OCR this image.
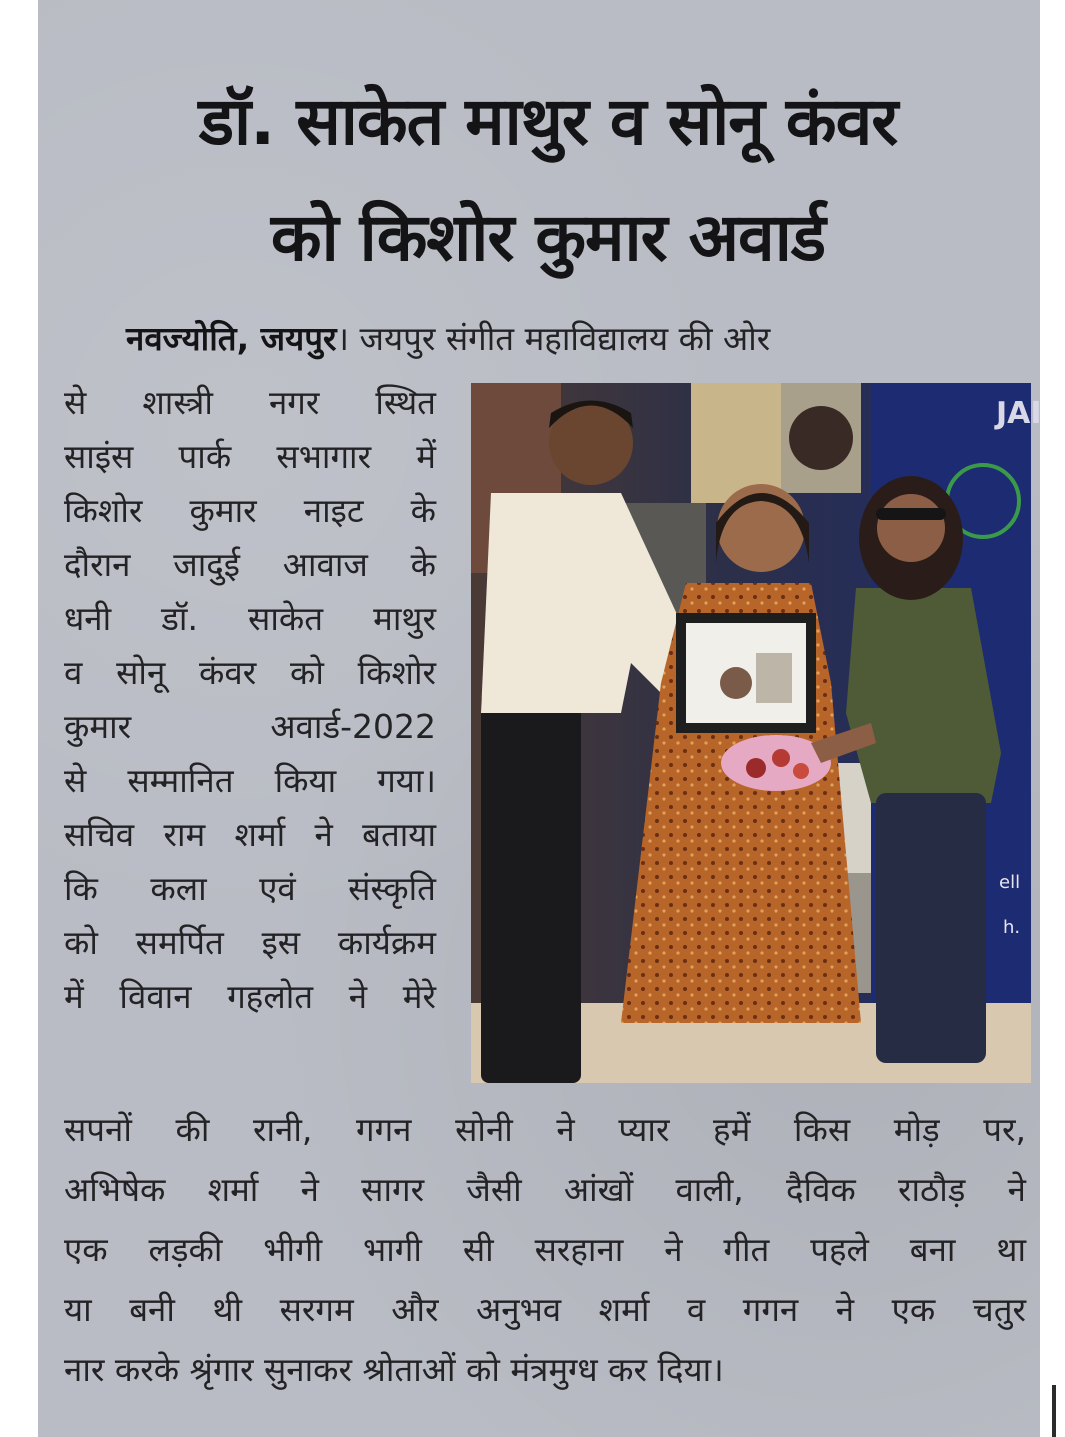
डॉ. साकेत माथुर व सोनू कंवर
को किशोर कुमार अवार्ड
नवज्योति, जयपुर। जयपुर संगीत महाविद्यालय की ओर
से शास्त्री नगर स्थित
साइंस पार्क सभागार में
किशोर कुमार नाइट के
दौरान जादुई आवाज के
धनी डॉ. साकेत माथुर
व सोनू कंवर को किशोर
कुमार अवार्ड-2022
से सम्मानित किया गया।
सचिव राम शर्मा ने बताया
कि कला एवं संस्कृति
को समर्पित इस कार्यक्रम
में विवान गहलोत ने मेरे
JAI
ell
h.
सपनों की रानी, गगन सोनी ने प्यार हमें किस मोड़ पर,
अभिषेक शर्मा ने सागर जैसी आंखों वाली, दैविक राठौड़ ने
एक लड़की भीगी भागी सी सरहाना ने गीत पहले बना था
या बनी थी सरगम और अनुभव शर्मा व गगन ने एक चतुर
नार करके श्रृंगार सुनाकर श्रोताओं को मंत्रमुग्ध कर दिया।
